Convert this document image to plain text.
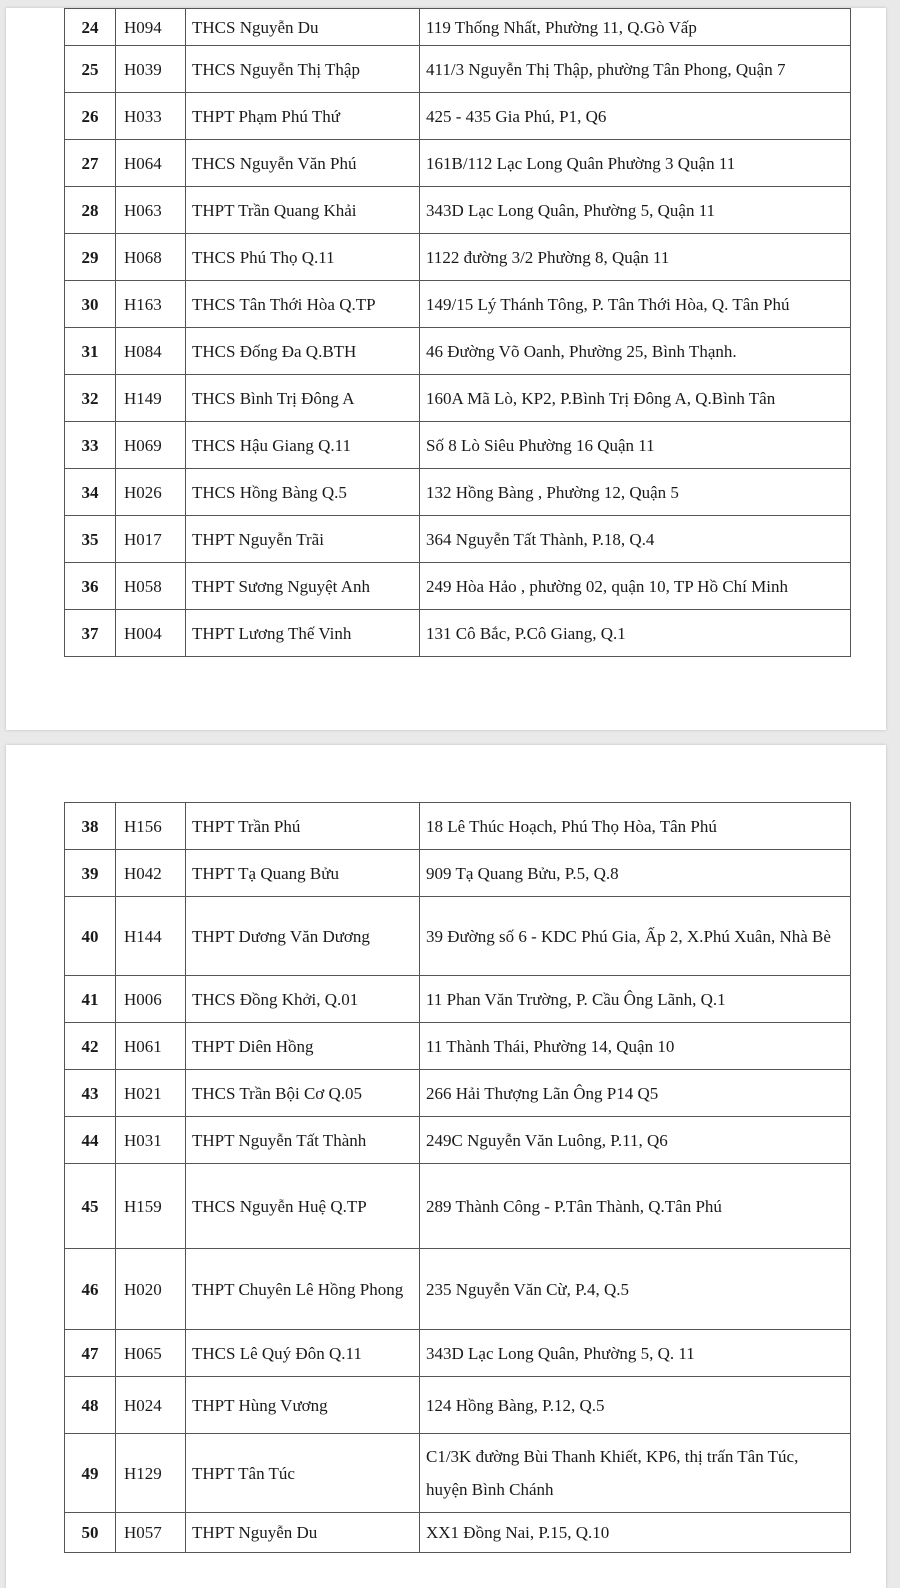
24	H094	THCS Nguyễn Du	119 Thống Nhất, Phường 11, Q.Gò Vấp
25	H039	THCS Nguyễn Thị Thập	411/3 Nguyễn Thị Thập, phường Tân Phong, Quận 7
26	H033	THPT Phạm Phú Thứ	425 - 435 Gia Phú, P1, Q6
27	H064	THCS Nguyễn Văn Phú	161B/112 Lạc Long Quân Phường 3 Quận 11
28	H063	THPT Trần Quang Khải	343D Lạc Long Quân, Phường 5, Quận 11
29	H068	THCS Phú Thọ Q.11	1122 đường 3/2 Phường 8, Quận 11
30	H163	THCS Tân Thới Hòa Q.TP	149/15 Lý Thánh Tông, P. Tân Thới Hòa, Q. Tân Phú
31	H084	THCS Đống Đa Q.BTH	46 Đường Võ Oanh, Phường 25, Bình Thạnh.
32	H149	THCS Bình Trị Đông A	160A Mã Lò, KP2, P.Bình Trị Đông A, Q.Bình Tân
33	H069	THCS Hậu Giang Q.11	Số 8 Lò Siêu Phường 16 Quận 11
34	H026	THCS Hồng Bàng Q.5	132 Hồng Bàng , Phường 12, Quận 5
35	H017	THPT Nguyễn Trãi	364 Nguyễn Tất Thành, P.18, Q.4
36	H058	THPT Sương Nguyệt Anh	249 Hòa Hảo , phường 02, quận 10, TP Hồ Chí Minh
37	H004	THPT Lương Thế Vinh	131 Cô Bắc, P.Cô Giang, Q.1
38	H156	THPT Trần Phú	18 Lê Thúc Hoạch, Phú Thọ Hòa, Tân Phú
39	H042	THPT Tạ Quang Bửu	909 Tạ Quang Bửu, P.5, Q.8
40	H144	THPT Dương Văn Dương	39 Đường số 6 - KDC Phú Gia, Ấp 2, X.Phú Xuân, Nhà Bè
41	H006	THCS Đồng Khởi, Q.01	11 Phan Văn Trường, P. Cầu Ông Lãnh, Q.1
42	H061	THPT Diên Hồng	11 Thành Thái, Phường 14, Quận 10
43	H021	THCS Trần Bội Cơ Q.05	266 Hải Thượng Lãn Ông P14 Q5
44	H031	THPT Nguyễn Tất Thành	249C Nguyễn Văn Luông, P.11, Q6
45	H159	THCS Nguyễn Huệ Q.TP	289 Thành Công - P.Tân Thành, Q.Tân Phú
46	H020	THPT Chuyên Lê Hồng Phong	235 Nguyễn Văn Cừ, P.4, Q.5
47	H065	THCS Lê Quý Đôn Q.11	343D Lạc Long Quân, Phường 5, Q. 11
48	H024	THPT Hùng Vương	124 Hồng Bàng, P.12, Q.5
49	H129	THPT Tân Túc	C1/3K đường Bùi Thanh Khiết, KP6, thị trấn Tân Túc, huyện Bình Chánh
50	H057	THPT Nguyễn Du	XX1 Đồng Nai, P.15, Q.10
